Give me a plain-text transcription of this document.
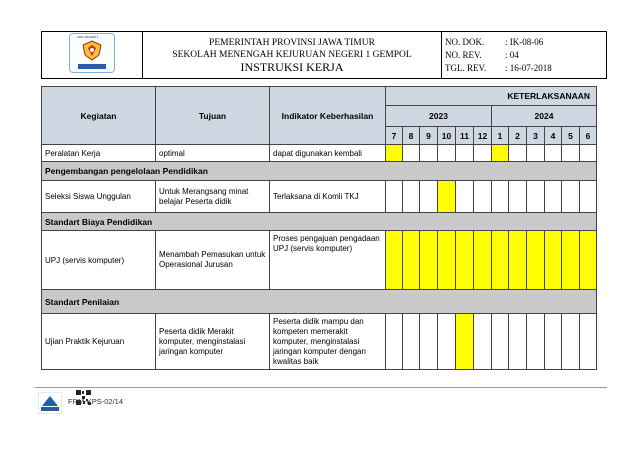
SMK NEGERI 1

PEMERINTAH PROVINSI JAWA TIMUR
SEKOLAH MENENGAH KEJURUAN NEGERI 1 GEMPOL
INSTRUKSI KERJA

NO. DOK.	: IK-08-06
NO. REV.	: 04
TGL. REV.	: 16-07-2018
Kegiatan	Tujuan	Indikator Keberhasilan	KETERLAKSANAAN											
			2023						2024					
			7	8	9	10	11	12	1	2	3	4	5	6
Peralatan Kerja	optimal	dapat digunakan kembali												
Pengembangan pengelolaan Pendidikan														
Seleksi Siswa Unggulan	Untuk Merangsang minat belajar Peserta didik	Terlaksana di Komli TKJ												
Standart Biaya Pendidikan														
UPJ (servis komputer)	Menambah Pemasukan untuk Operasional Jurusan	Proses pengajuan pengadaan UPJ (servis komputer)												
Standart Penilaian														
Ujian Praktik Kejuruan	Peserta didik Merakit komputer, menginstalasi jaringan komputer	Peserta didik mampu dan kompeten memerakit komputer, menginstalasi jaringan komputer dengan kwalitas baik												
FRM-KPS-02/14
